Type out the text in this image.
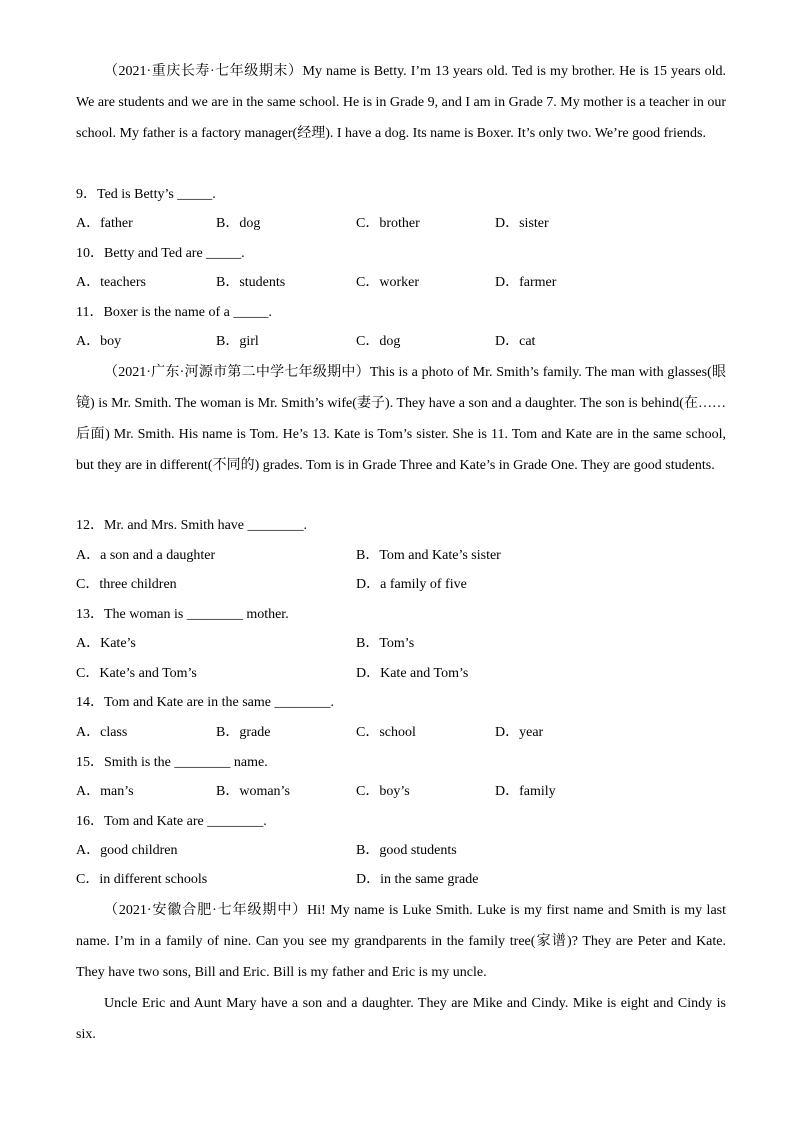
（2021·重庆长寿·七年级期末）My name is Betty. I’m 13 years old. Ted is my brother. He is 15 years old. We are students and we are in the same school. He is in Grade 9, and I am in Grade 7. My mother is a teacher in our school. My father is a factory manager(经理). I have a dog. Its name is Boxer. It’s only two. We’re good friends.
9．Ted is Betty’s _____.
A．father	B．dog	C．brother	D．sister
10．Betty and Ted are _____.
A．teachers	B．students	C．worker	D．farmer
11．Boxer is the name of a _____.
A．boy	B．girl	C．dog	D．cat
（2021·广东·河源市第二中学七年级期中）This is a photo of Mr. Smith’s family. The man with glasses(眼镜) is Mr. Smith. The woman is Mr. Smith’s wife(妻子). They have a son and a daughter. The son is behind(在……后面) Mr. Smith. His name is Tom. He’s 13. Kate is Tom’s sister. She is 11. Tom and Kate are in the same school, but they are in different(不同的) grades. Tom is in Grade Three and Kate’s in Grade One. They are good students.
12．Mr. and Mrs. Smith have ________.
A．a son and a daughter	B．Tom and Kate’s sister
C．three children	D．a family of five
13．The woman is ________ mother.
A．Kate’s	B．Tom’s
C．Kate’s and Tom’s	D．Kate and Tom’s
14．Tom and Kate are in the same ________.
A．class	B．grade	C．school	D．year
15．Smith is the ________ name.
A．man’s	B．woman’s	C．boy’s	D．family
16．Tom and Kate are ________.
A．good children	B．good students
C．in different schools	D．in the same grade
（2021·安徽合肥·七年级期中）Hi! My name is Luke Smith. Luke is my first name and Smith is my last name. I’m in a family of nine. Can you see my grandparents in the family tree(家谱)? They are Peter and Kate. They have two sons, Bill and Eric. Bill is my father and Eric is my uncle.
Uncle Eric and Aunt Mary have a son and a daughter. They are Mike and Cindy. Mike is eight and Cindy is six.
